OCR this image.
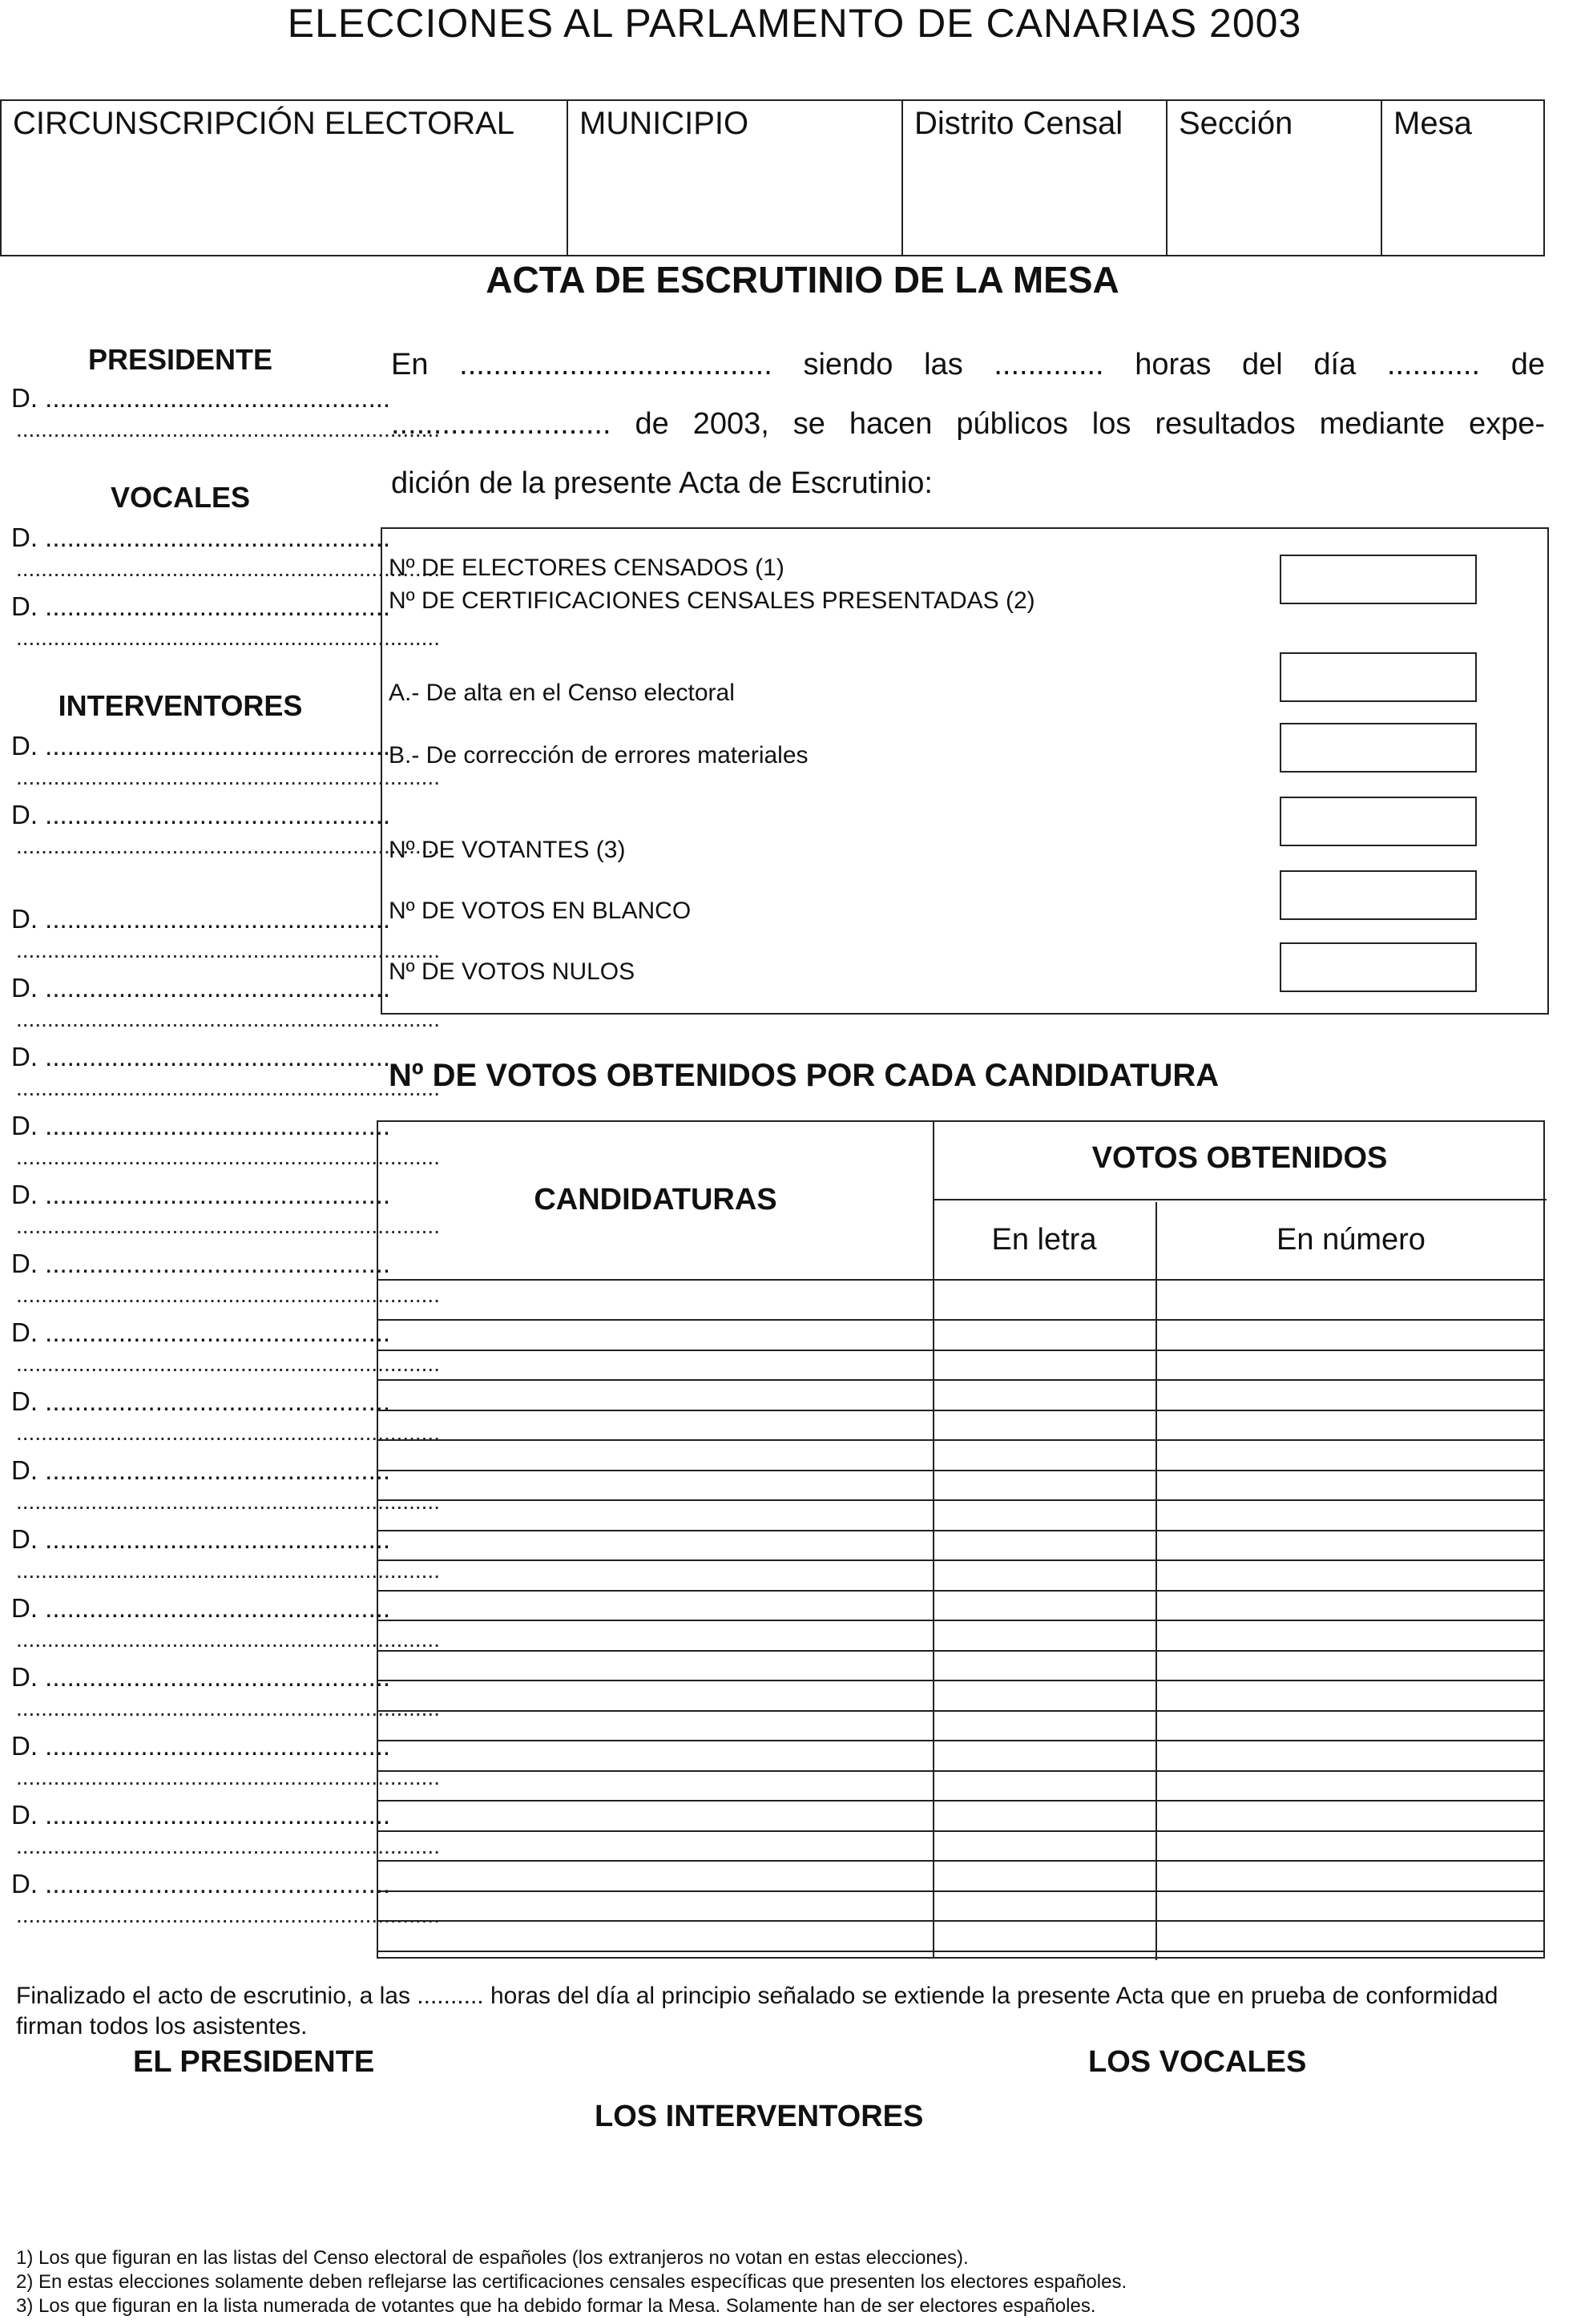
ELECCIONES AL PARLAMENTO DE CANARIAS 2003
CIRCUNSCRIPCIÓN ELECTORAL	MUNICIPIO	Distrito Censal	Sección	Mesa
ACTA DE ESCRUTINIO DE LA MESA
PRESIDENTE
D. ...............................................
....................................................................
D. ...............................................
....................................................................
D. ...............................................
....................................................................
D. ...............................................
....................................................................
D. ...............................................
....................................................................
D. ...............................................
....................................................................
D. ...............................................
....................................................................
D. ...............................................
....................................................................
D. ...............................................
....................................................................
D. ...............................................
....................................................................
D. ...............................................
....................................................................
D. ...............................................
....................................................................
D. ...............................................
....................................................................
D. ...............................................
....................................................................
D. ...............................................
....................................................................
D. ...............................................
....................................................................
D. ...............................................
....................................................................
D. ...............................................
....................................................................
D. ...............................................
....................................................................
D. ...............................................
....................................................................
VOCALES
INTERVENTORES

En ..................................... siendo las ............. horas del día ........... de

.......................... de 2003, se hacen públicos los resultados mediante expe-

dición de la presente Acta de Escrutinio:

Nº DE ELECTORES CENSADOS (1)
Nº DE CERTIFICACIONES CENSALES PRESENTADAS (2)
A.- De alta en el Censo electoral
B.- De corrección de errores materiales
Nº DE VOTANTES (3)
Nº DE VOTOS EN BLANCO
Nº DE VOTOS NULOS
Nº DE VOTOS OBTENIDOS POR CADA CANDIDATURA
CANDIDATURAS
VOTOS OBTENIDOS
En letra	En número
Finalizado el acto de escrutinio, a las .......... horas del día al principio señalado se extiende la presente Acta que en prueba de conformidad firman todos los asistentes.
EL PRESIDENTE	LOS VOCALES
LOS INTERVENTORES
1) Los que figuran en las listas del Censo electoral de españoles (los extranjeros no votan en estas elecciones).
2) En estas elecciones solamente deben reflejarse las certificaciones censales específicas que presenten los electores españoles.
3) Los que figuran en la lista numerada de votantes que ha debido formar la Mesa. Solamente han de ser electores españoles.
